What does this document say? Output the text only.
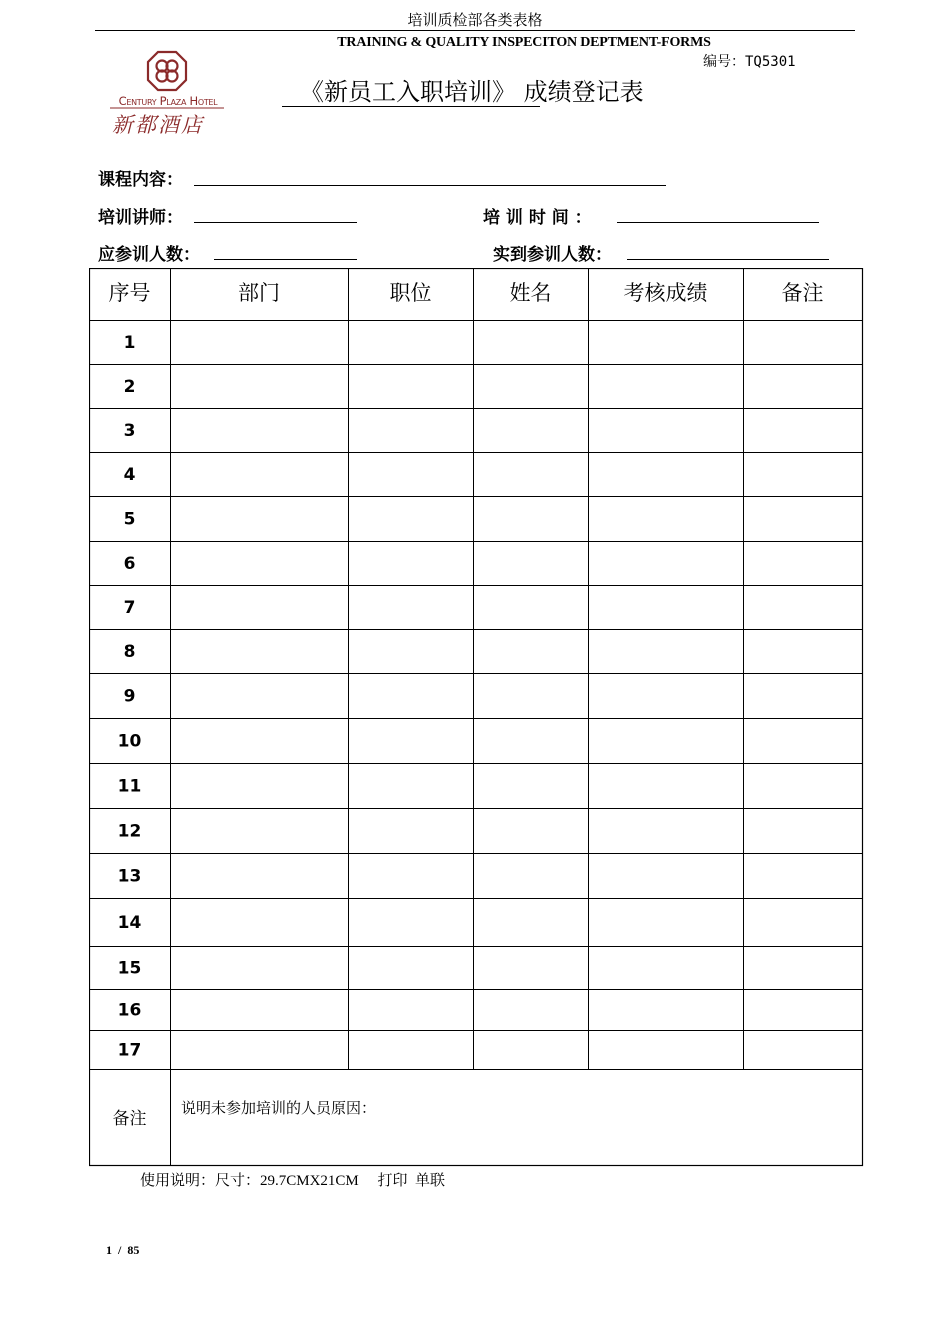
培训质检部各类表格
TRAINING & QUALITY INSPECITON DEPTMENT-FORMS
编号：TQ5301
Century Plaza Hotel
新都酒店
《新员工入职培训》 成绩登记表
课程内容：
培训讲师：	培 训 时 间 ：
应参训人数：	实到参训人数：
序号	部门	职位	姓名	考核成绩	备注
1
2
3
4
5
6
7
8
9
10
11
12
13
14
15
16
17
备注
说明未参加培训的人员原因：
使用说明：尺寸：29.7CMX21CM     打印  单联
1  /  85
